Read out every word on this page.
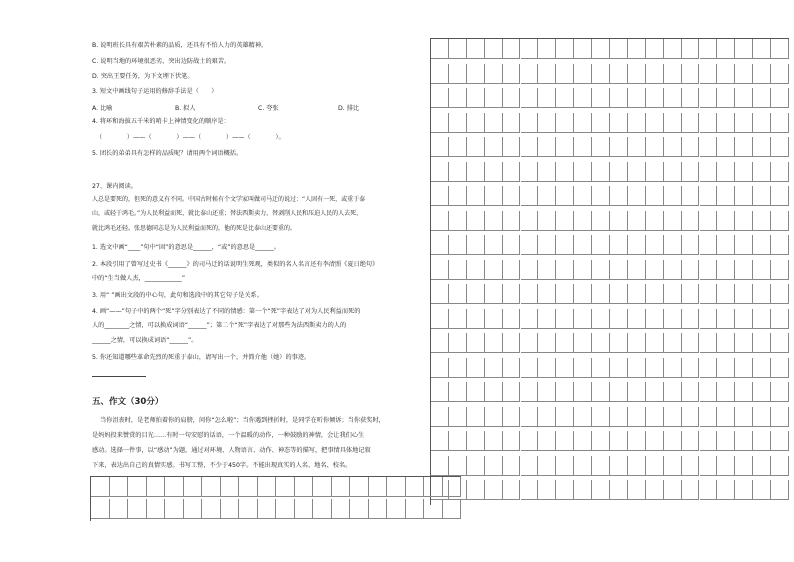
B. 说明班长具有艰苦朴素的品质，还具有不怕人力的英雄精神。
C. 说明当地的环境很恶劣，突出边防战士的艰苦。
D. 突出王要任务，为下文埋下伏笔。
3. 短文中画线句子运用的修辞手法是（　　）
A. 比喻	B. 拟人	C. 夸张	D. 排比
4. 将环和海拔五千米的哨卡上神情变化的顺序是：
（　　　　）——（　　　　）——（　　　　）——（　　　　）。
5. 团长的弟弟具有怎样的品质呢？请用两个词语概括。
27、课内阅读。
人总是要死的，但死的意义有不同。中国古时候有个文学家叫做司马迁的说过：“人固有一死，或重于泰
山，或轻于鸿毛。”为人民利益而死，就比泰山还重；替法西斯卖力，替剥削人民和压迫人民的人去死，
就比鸿毛还轻。张思德同志是为人民利益而死的，他的死是比泰山还要重的。
1. 选文中画“____”句中“固”的意思是______，“或”的意思是______。
2. 本段引用了曾写过史书《______》的司马迁的话说明生死观，类似的名人名言还有李清照《夏日绝句》
中的“生当做人杰，____________”
3. 用“ ”画出文段的中心句，此句和选段中的其它句子是关系。
4. 画“——”句子中的两个“死”字分别表达了不同的情感：第一个“死”字表达了对为人民利益而死的
人的________之情，可以换成词语“______”；第二个“死”字表达了对那些为法西斯卖力的人的
______之情，可以换成词语“______”。
5. 你还知道哪些革命先烈的死重于泰山，请写出一个，并简介他（她）的事迹。
五、作文（30分）
当你沮丧时，是老师拍着你的肩膀，问你“怎么啦”；当你遇到挫折时，是同学在听你倾诉；当你获奖时，
是妈妈投来赞赏的目光……有时一句安慰的话语，一个温暖的动作，一种鼓励的神情，会让我们心生
感动。选择一件事，以“感动”为题，通过对环境、人物语言、动作、神态等的描写，把事情具体地记叙
下来，表达出自己的真情实感。书写工整，不少于450字。不能出现真实的人名、地名、校名。
